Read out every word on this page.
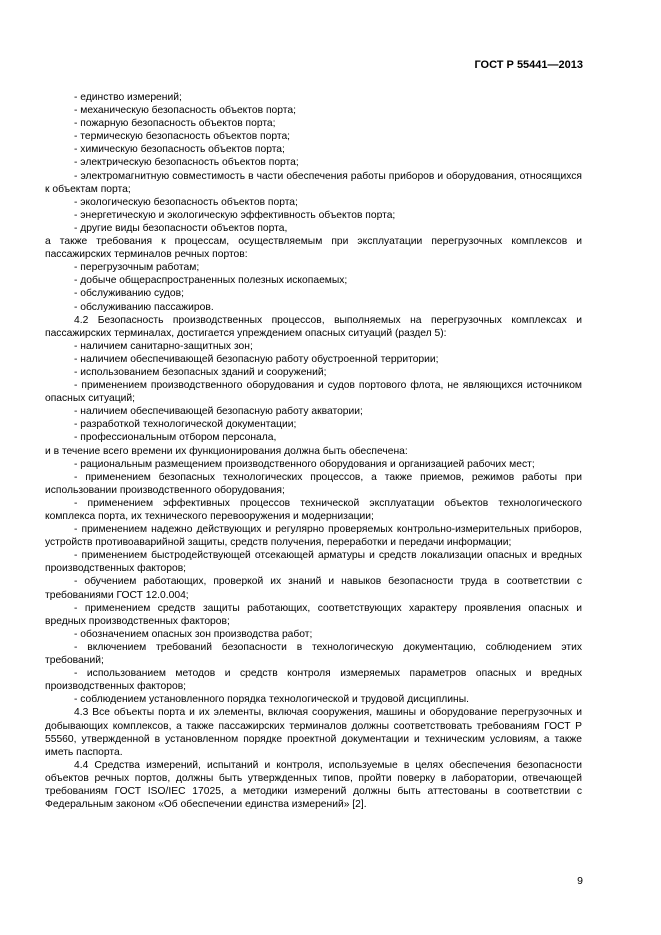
ГОСТ Р 55441—2013

- единство измерений;

- механическую безопасность объектов порта;

- пожарную безопасность объектов порта;

- термическую безопасность объектов порта;

- химическую безопасность объектов порта;

- электрическую безопасность объектов порта;

- электромагнитную совместимость в части обеспечения работы приборов и оборудования, относящихся к объектам порта;

- экологическую безопасность объектов порта;

- энергетическую и экологическую эффективность объектов порта;

- другие виды безопасности объектов порта,

а также требования к процессам, осуществляемым при эксплуатации перегрузочных комплексов и пассажирских терминалов речных портов:

- перегрузочным работам;

- добыче общераспространенных полезных ископаемых;

- обслуживанию судов;

- обслуживанию пассажиров.

4.2 Безопасность производственных процессов, выполняемых на перегрузочных комплексах и пассажирских терминалах, достигается упреждением опасных ситуаций (раздел 5):

- наличием санитарно-защитных зон;

- наличием обеспечивающей безопасную работу обустроенной территории;

- использованием безопасных зданий и сооружений;

- применением производственного оборудования и судов портового флота, не являющихся источником опасных ситуаций;

- наличием обеспечивающей безопасную работу акватории;

- разработкой технологической документации;

- профессиональным отбором персонала,

и в течение всего времени их функционирования должна быть обеспечена:

- рациональным размещением производственного оборудования и организацией рабочих мест;

- применением безопасных технологических процессов, а также приемов, режимов работы при использовании производственного оборудования;

- применением эффективных процессов технической эксплуатации объектов технологического комплекса порта, их технического перевооружения и модернизации;

- применением надежно действующих и регулярно проверяемых контрольно-измерительных приборов, устройств противоаварийной защиты, средств получения, переработки и передачи информации;

- применением быстродействующей отсекающей арматуры и средств локализации опасных и вредных производственных факторов;

- обучением работающих, проверкой их знаний и навыков безопасности труда в соответствии с требованиями ГОСТ 12.0.004;

- применением средств защиты работающих, соответствующих характеру проявления опасных и вредных производственных факторов;

- обозначением опасных зон производства работ;

- включением требований безопасности в технологическую документацию, соблюдением этих требований;

- использованием методов и средств контроля измеряемых параметров опасных и вредных производственных факторов;

- соблюдением установленного порядка технологической и трудовой дисциплины.

4.3 Все объекты порта и их элементы, включая сооружения, машины и оборудование перегрузочных и добывающих комплексов, а также пассажирских терминалов должны соответствовать требованиям ГОСТ Р 55560, утвержденной в установленном порядке проектной документации и техническим условиям, а также иметь паспорта.

4.4 Средства измерений, испытаний и контроля, используемые в целях обеспечения безопасности объектов речных портов, должны быть утвержденных типов, пройти поверку в лаборатории, отвечающей требованиям ГОСТ ISO/IEC 17025, а методики измерений должны быть аттестованы в соответствии с Федеральным законом «Об обеспечении единства измерений» [2].

9
